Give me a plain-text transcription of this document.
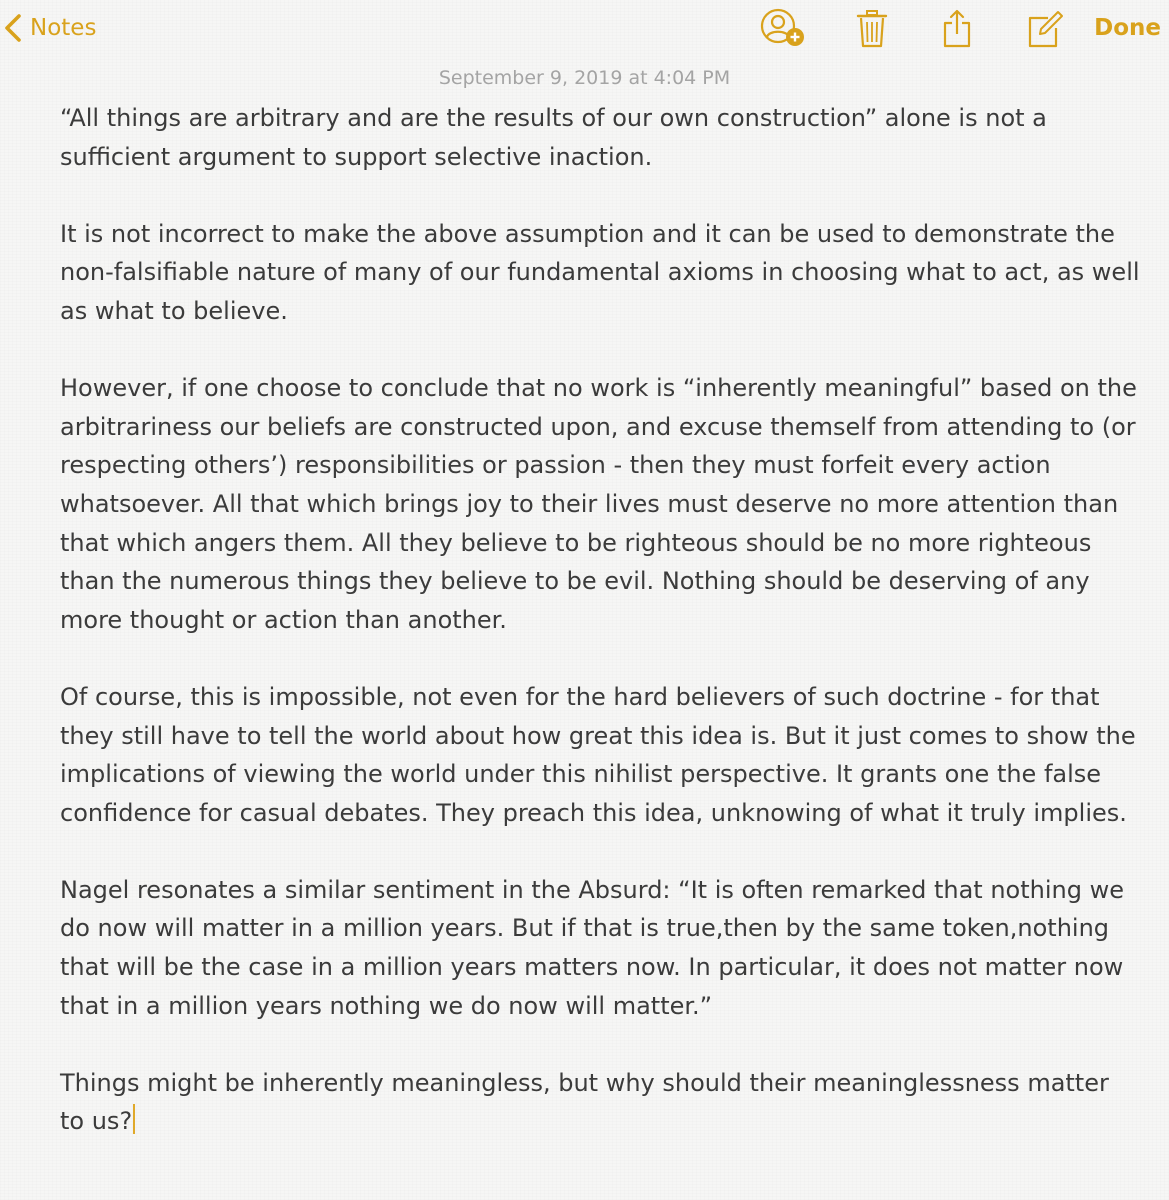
Notes	Done
September 9, 2019 at 4:04 PM

“All things are arbitrary and are the results of our own construction” alone is not a sufficient argument to support selective inaction.

It is not incorrect to make the above assumption and it can be used to demonstrate the non-falsifiable nature of many of our fundamental axioms in choosing what to act, as well as what to believe.

However, if one choose to conclude that no work is “inherently meaningful” based on the arbitrariness our beliefs are constructed upon, and excuse themself from attending to (or respecting others’) responsibilities or passion - then they must forfeit every action whatsoever. All that which brings joy to their lives must deserve no more attention than that which angers them. All they believe to be righteous should be no more righteous than the numerous things they believe to be evil. Nothing should be deserving of any more thought or action than another.

Of course, this is impossible, not even for the hard believers of such doctrine - for that they still have to tell the world about how great this idea is. But it just comes to show the implications of viewing the world under this nihilist perspective. It grants one the false confidence for casual debates. They preach this idea, unknowing of what it truly implies.

Nagel resonates a similar sentiment in the Absurd: “It is often remarked that nothing we do now will matter in a million years. But if that is true,then by the same token,nothing that will be the case in a million years matters now. In particular, it does not matter now that in a million years nothing we do now will matter.”

Things might be inherently meaningless, but why should their meaninglessness matter to us?
